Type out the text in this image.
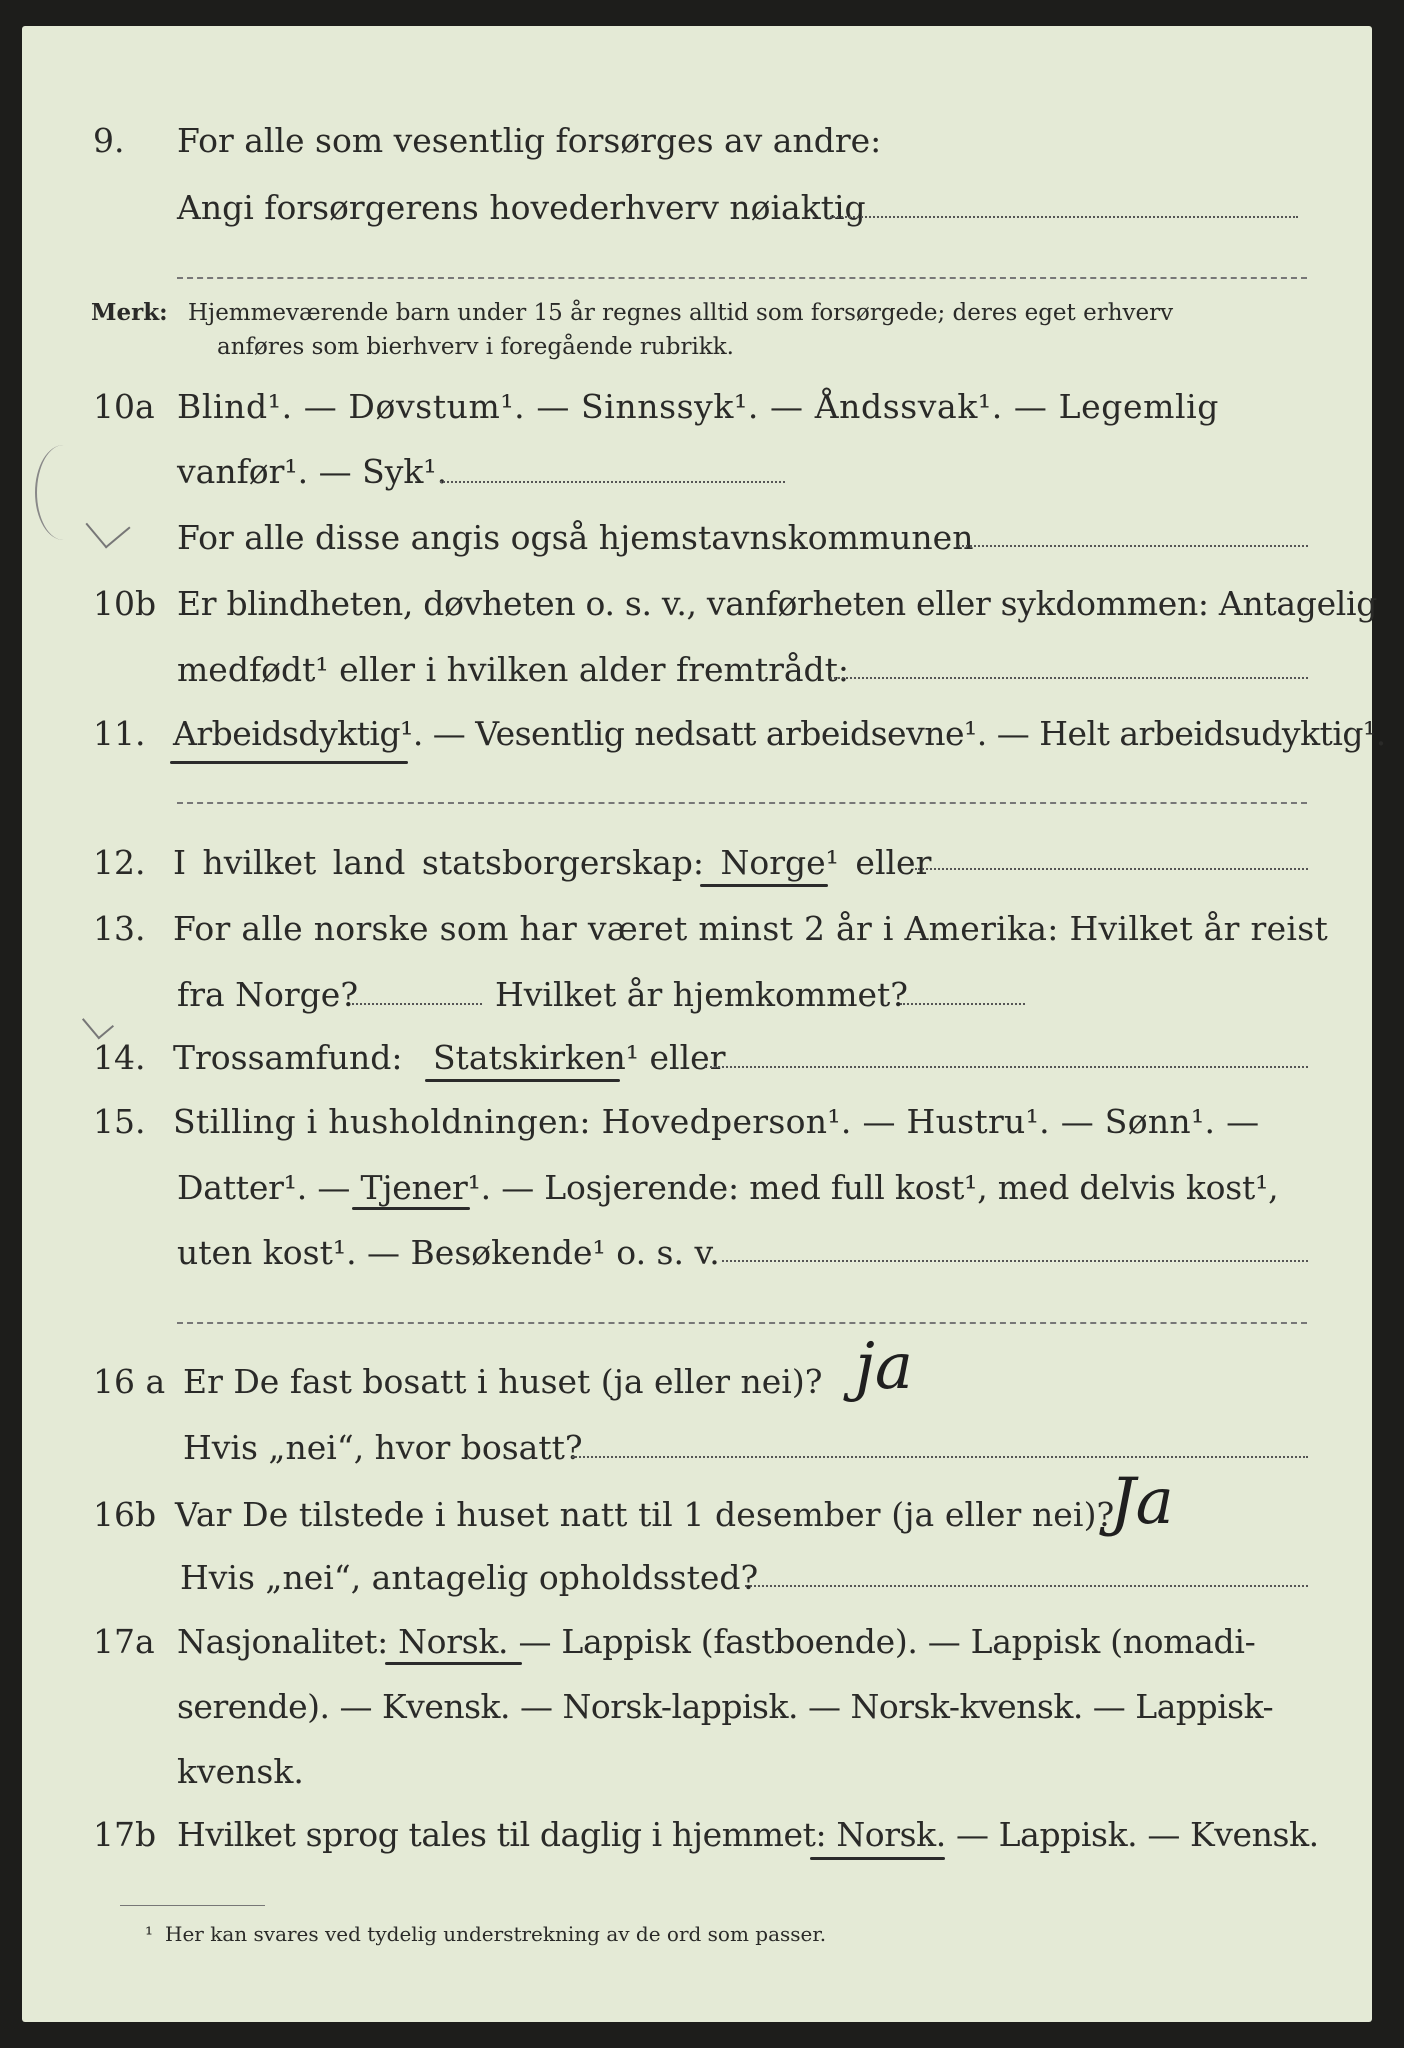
9. For alle som vesentlig forsørges av andre:
Angi forsørgerens hovederhverv nøiaktig
Merk: Hjemmeværende barn under 15 år regnes alltid som forsørgede; deres eget erhverv
anføres som bierhverv i foregående rubrikk.
10a Blind¹. — Døvstum¹. — Sinnssyk¹. — Åndssvak¹. — Legemlig
vanfør¹. — Syk¹.
For alle disse angis også hjemstavnskommunen
10b Er blindheten, døvheten o. s. v., vanførheten eller sykdommen: Antagelig
medfødt¹ eller i hvilken alder fremtrådt:
11. Arbeidsdyktig¹. — Vesentlig nedsatt arbeidsevne¹. — Helt arbeidsudyktig¹.
12. I hvilket land statsborgerskap: Norge¹ eller
13. For alle norske som har været minst 2 år i Amerika: Hvilket år reist
fra Norge?	Hvilket år hjemkommet?
14. Trossamfund: Statskirken¹ eller
15. Stilling i husholdningen: Hovedperson¹. — Hustru¹. — Sønn¹. —
Datter¹. — Tjener¹. — Losjerende: med full kost¹, med delvis kost¹,
uten kost¹. — Besøkende¹ o. s. v.
16 a Er De fast bosatt i huset (ja eller nei)? ja
Hvis „nei“, hvor bosatt?
16b Var De tilstede i huset natt til 1 desember (ja eller nei)?
Ja
Hvis „nei“, antagelig opholdssted?
17a Nasjonalitet: Norsk. — Lappisk (fastboende). — Lappisk (nomadi-
serende). — Kvensk. — Norsk-lappisk. — Norsk-kvensk. — Lappisk-
kvensk.
17b Hvilket sprog tales til daglig i hjemmet: Norsk. — Lappisk. — Kvensk.
¹ Her kan svares ved tydelig understrekning av de ord som passer.
